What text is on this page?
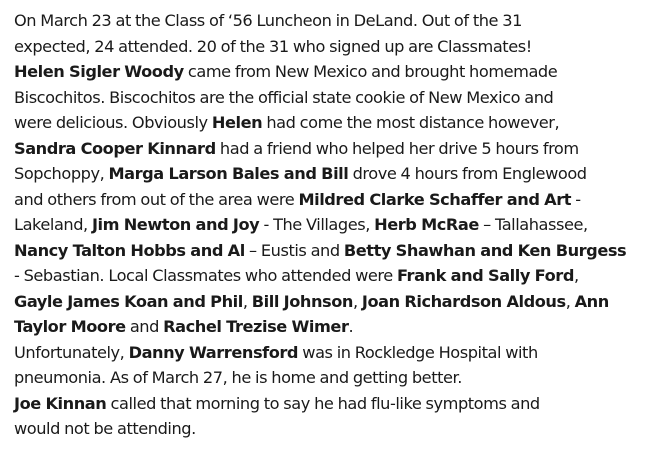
On March 23 at the Class of ‘56 Luncheon in DeLand. Out of the 31
expected, 24 attended. 20 of the 31 who signed up are Classmates!
Helen Sigler Woody came from New Mexico and brought homemade
Biscochitos. Biscochitos are the official state cookie of New Mexico and
were delicious. Obviously Helen had come the most distance however,
Sandra Cooper Kinnard had a friend who helped her drive 5 hours from
Sopchoppy, Marga Larson Bales and Bill drove 4 hours from Englewood
and others from out of the area were Mildred Clarke Schaffer and Art -
Lakeland, Jim Newton and Joy - The Villages, Herb McRae – Tallahassee,
Nancy Talton Hobbs and Al – Eustis and Betty Shawhan and Ken Burgess
- Sebastian. Local Classmates who attended were Frank and Sally Ford,
Gayle James Koan and Phil, Bill Johnson, Joan Richardson Aldous, Ann
Taylor Moore and Rachel Trezise Wimer.
Unfortunately, Danny Warrensford was in Rockledge Hospital with
pneumonia. As of March 27, he is home and getting better.
Joe Kinnan called that morning to say he had flu-like symptoms and
would not be attending.
